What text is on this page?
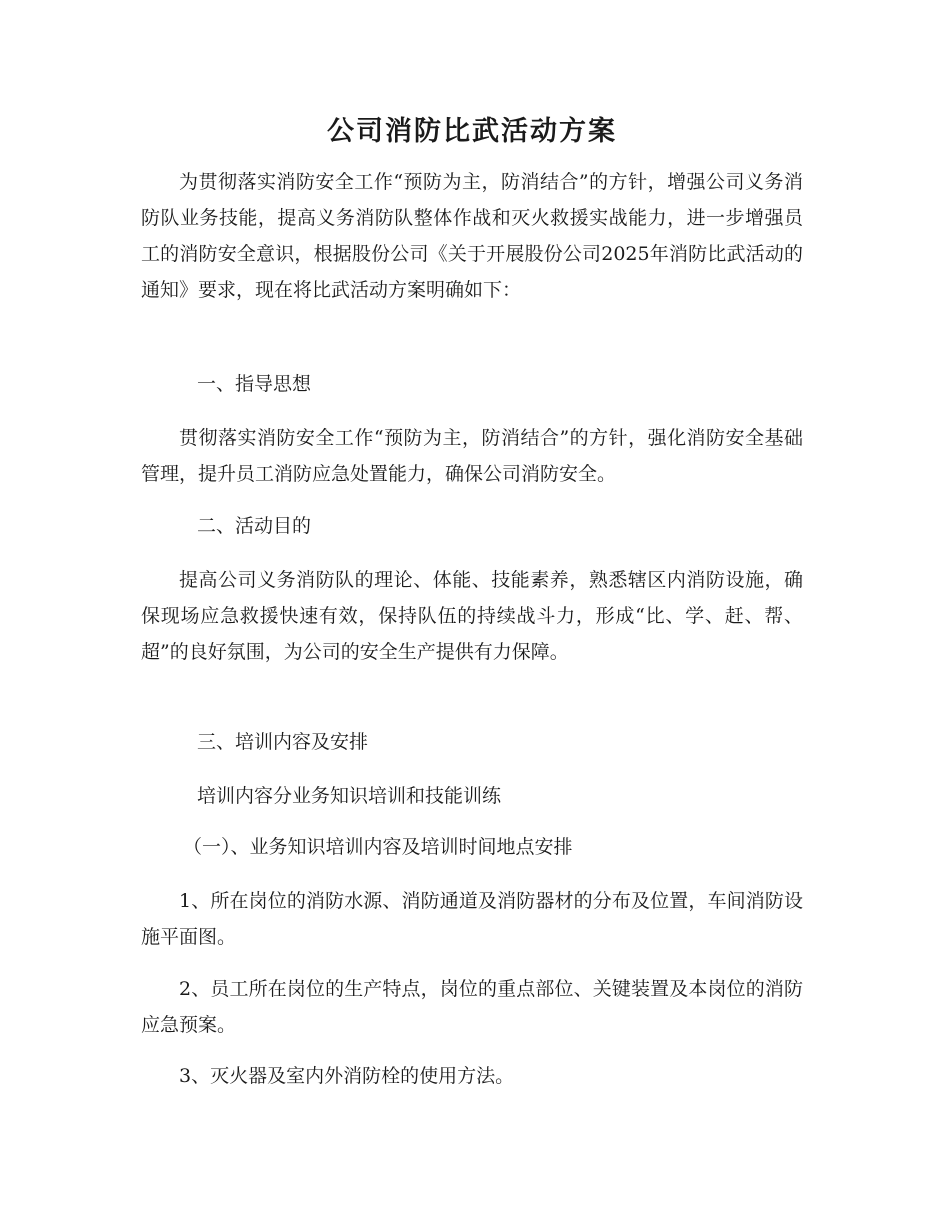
公司消防比武活动方案

为贯彻落实消防安全工作“预防为主，防消结合”的方针，增强公司义务消防队业务技能，提高义务消防队整体作战和灭火救援实战能力，进一步增强员工的消防安全意识，根据股份公司《关于开展股份公司2025年消防比武活动的通知》要求，现在将比武活动方案明确如下：

一、指导思想

贯彻落实消防安全工作“预防为主，防消结合”的方针，强化消防安全基础管理，提升员工消防应急处置能力，确保公司消防安全。

二、活动目的

提高公司义务消防队的理论、体能、技能素养，熟悉辖区内消防设施，确保现场应急救援快速有效，保持队伍的持续战斗力，形成“比、学、赶、帮、超”的良好氛围，为公司的安全生产提供有力保障。

三、培训内容及安排

培训内容分业务知识培训和技能训练

（一）、业务知识培训内容及培训时间地点安排

1、所在岗位的消防水源、消防通道及消防器材的分布及位置，车间消防设施平面图。

2、员工所在岗位的生产特点，岗位的重点部位、关键装置及本岗位的消防应急预案。

3、灭火器及室内外消防栓的使用方法。
